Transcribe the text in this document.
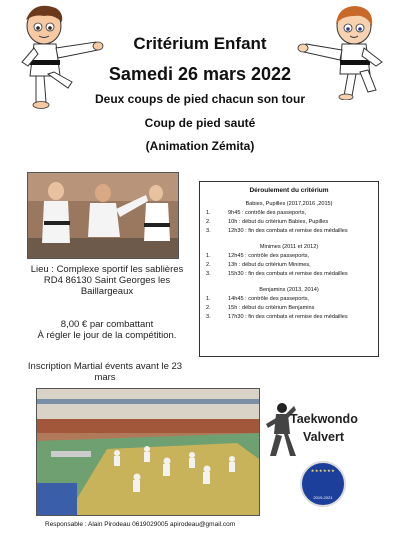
Critérium Enfant
Samedi 26 mars 2022
Deux coups de pied chacun son tour
Coup de pied sauté
(Animation Zémita)
Déroulement du critérium
Babies, Pupilles (2017,2016 ,2015)
1.	9h45 : contrôle des passeports,
2.	10h : début du critérium Babies, Pupilles
3.	12h30 : fin des combats et remise des médailles
Minimes (2011 et 2012)
1.	12h45 : contrôle des passeports,
2.	13h : début du critérium Minimes,
3.	15h30 : fin des combats et remise des médailles
Benjamins (2013, 2014)
1.	14h45 : contrôle des passeports,
2.	15h : début du critérium Benjamins
3.	17h30 : fin des combats et remise des médailles
Lieu : Complexe sportif les sablières
RD4 86130 Saint Georges les
Baillargeaux
8,00 € par combattant
À régler le jour de la compétition.
Inscription Martial évents avant le 23
mars
Taekwondo
Valvert
★★★★★★
2019-2021
Responsable : Alain Pirodeau 0619029005 apirodeau@gmail.com
